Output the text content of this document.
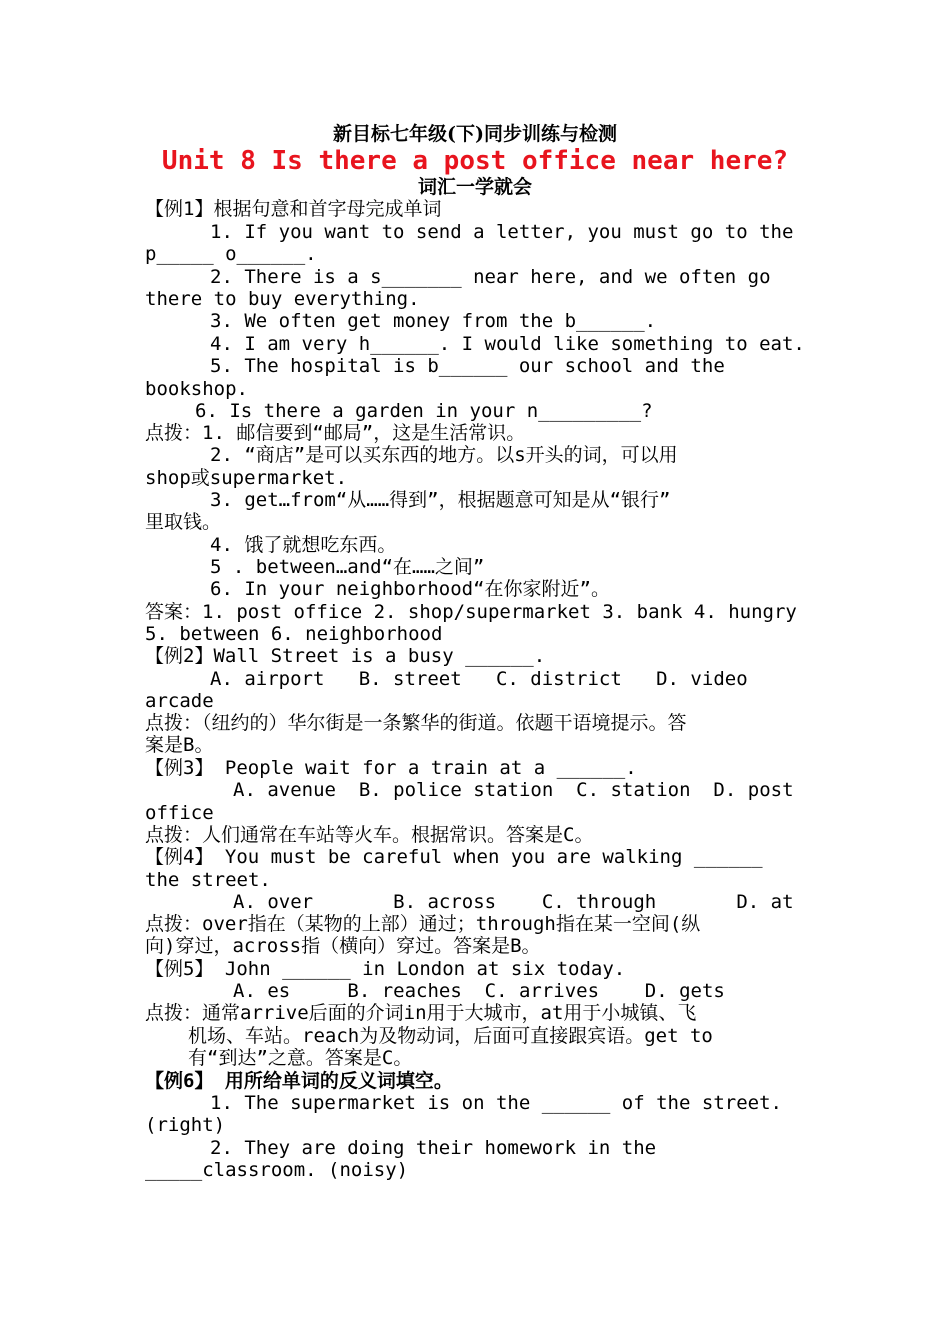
新目标七年级(下)同步训练与检测
Unit 8 Is there a post office near here?
词汇一学就会
【例1】根据句意和首字母完成单词
1. If you want to send a letter, you must go to the
p_____ o______.
2. There is a s_______ near here, and we often go
there to buy everything.
3. We often get money from the b______.
4. I am very h______. I would like something to eat.
5. The hospital is b______ our school and the
bookshop.
6. Is there a garden in your n_________?
点拨：1. 邮信要到“邮局”，这是生活常识。
2. “商店”是可以买东西的地方。以s开头的词，可以用
shop或supermarket.
3. get…from“从……得到”，根据题意可知是从“银行”
里取钱。
4. 饿了就想吃东西。
5 . between…and“在……之间”
6. In your neighborhood“在你家附近”。
答案：1. post office 2. shop/supermarket 3. bank 4. hungry
5. between 6. neighborhood
【例2】Wall Street is a busy ______.
A. airport   B. street   C. district   D. video
arcade
点拨：（纽约的）华尔街是一条繁华的街道。依题干语境提示。答
案是B。
【例3】 People wait for a train at a ______.
A. avenue  B. police station  C. station  D. post
office
点拨：人们通常在车站等火车。根据常识。答案是C。
【例4】 You must be careful when you are walking ______
the street.
A. over       B. across    C. through       D. at
点拨：over指在（某物的上部）通过；through指在某一空间(纵
向)穿过，across指（横向）穿过。答案是B。
【例5】 John ______ in London at six today.
A. es     B. reaches  C. arrives    D. gets
点拨：通常arrive后面的介词in用于大城市，at用于小城镇、飞
机场、车站。reach为及物动词，后面可直接跟宾语。get to
有“到达”之意。答案是C。
【例6】 用所给单词的反义词填空。
1. The supermarket is on the ______ of the street.
(right)
2. They are doing their homework in the
_____classroom. (noisy)
